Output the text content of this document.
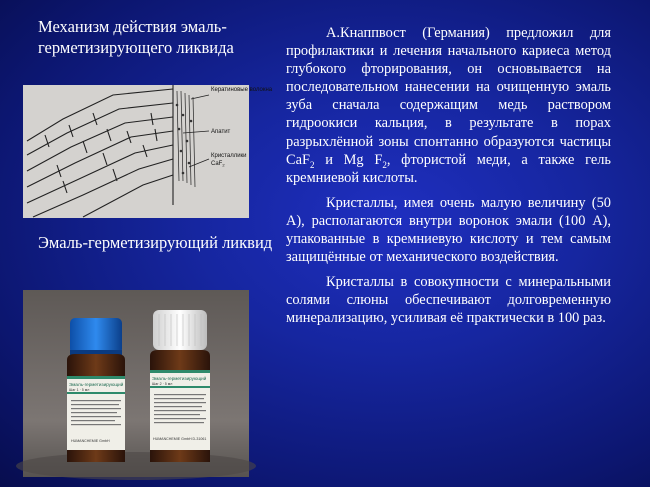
Механизм действия эмаль-герметизирующего ликвида
Кератиновые волокна
Апатит
Кристаллики
CaF$_2$
Эмаль-герметизирующий ликвид
Эмаль-герметизирующий
Шаг 1 · 5 мл
HUMANCHEMIE GmbH
Эмаль-герметизирующий
Шаг 2 · 5 мл
HUMANCHEMIE GmbH D-31061

А.Кнаппвост (Германия) предложил для профилактики и лечения начального кариеса метод глубокого фторирования, он основывается на последовательном нанесении на очищенную эмаль зуба сначала содержащим медь раствором гидроокиси кальция, в результате в порах разрыхлённой зоны спонтанно образуются частицы CaF$_2$ и Mg $F_2$, фтористой меди, а также гель кремниевой кислоты.

Кристаллы, имея очень малую величину (50 А), располагаются внутри воронок эмали (100 А), упакованные в кремниевую кислоту и тем самым защищённые от механического воздействия.

Кристаллы в совокупности с минеральными солями слюны обеспечивают долговременную минерализацию, усиливая её практически в 100 раз.
